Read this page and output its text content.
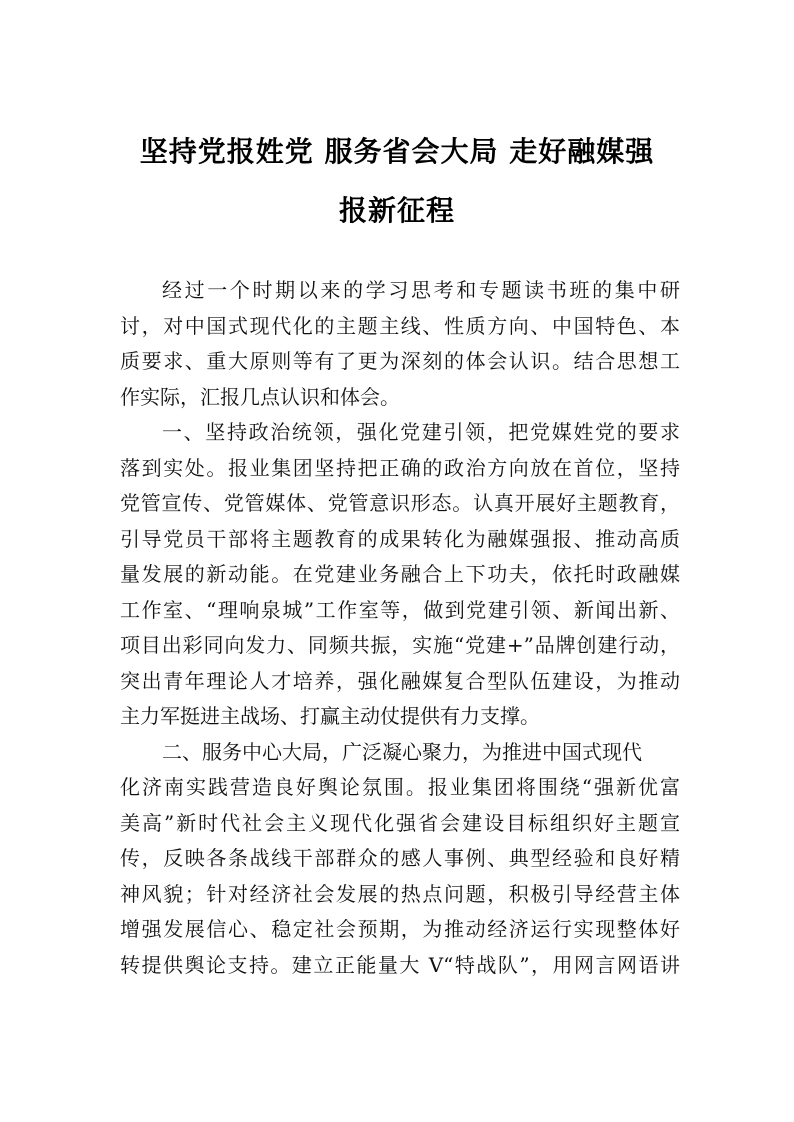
坚持党报姓党 服务省会大局 走好融媒强
报新征程
经过一个时期以来的学习思考和专题读书班的集中研
讨，对中国式现代化的主题主线、性质方向、中国特色、本
质要求、重大原则等有了更为深刻的体会认识。结合思想工
作实际，汇报几点认识和体会。
一、坚持政治统领，强化党建引领，把党媒姓党的要求
落到实处。报业集团坚持把正确的政治方向放在首位，坚持
党管宣传、党管媒体、党管意识形态。认真开展好主题教育，
引导党员干部将主题教育的成果转化为融媒强报、推动高质
量发展的新动能。在党建业务融合上下功夫，依托时政融媒
工作室、“理响泉城”工作室等，做到党建引领、新闻出新、
项目出彩同向发力、同频共振，实施“党建+”品牌创建行动，
突出青年理论人才培养，强化融媒复合型队伍建设，为推动
主力军挺进主战场、打赢主动仗提供有力支撑。
二、服务中心大局，广泛凝心聚力，为推进中国式现代
化济南实践营造良好舆论氛围。报业集团将围绕“强新优富
美高”新时代社会主义现代化强省会建设目标组织好主题宣
传，反映各条战线干部群众的感人事例、典型经验和良好精
神风貌；针对经济社会发展的热点问题，积极引导经营主体
增强发展信心、稳定社会预期，为推动经济运行实现整体好
转提供舆论支持。建立正能量大 V“特战队”，用网言网语讲
